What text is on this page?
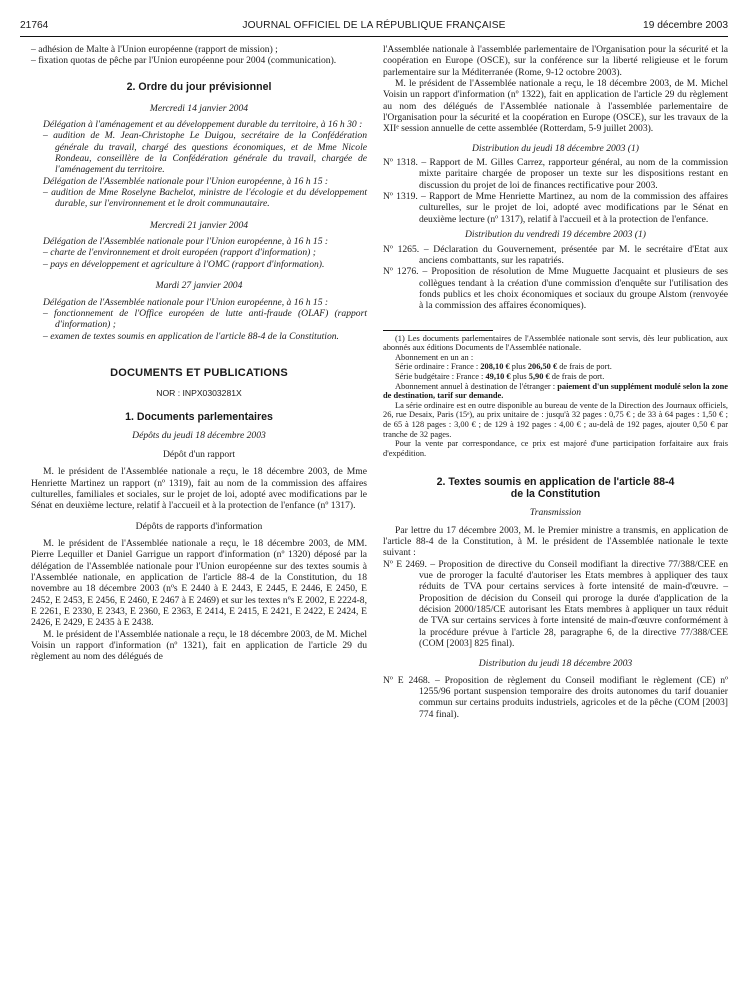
21764	JOURNAL OFFICIEL DE LA RÉPUBLIQUE FRANÇAISE	19 décembre 2003

– adhésion de Malte à l'Union européenne (rapport de mission) ;

– fixation quotas de pêche par l'Union européenne pour 2004 (communication).

2. Ordre du jour prévisionnel

Mercredi 14 janvier 2004

Délégation à l'aménagement et au développement durable du territoire, à 16 h 30 :

– audition de M. Jean-Christophe Le Duigou, secrétaire de la Confédération générale du travail, chargé des questions économiques, et de Mme Nicole Rondeau, conseillère de la Confédération générale du travail, chargée de l'aménagement du territoire.

Délégation de l'Assemblée nationale pour l'Union européenne, à 16 h 15 :

– audition de Mme Roselyne Bachelot, ministre de l'écologie et du développement durable, sur l'environnement et le droit communautaire.

Mercredi 21 janvier 2004

Délégation de l'Assemblée nationale pour l'Union européenne, à 16 h 15 :

– charte de l'environnement et droit européen (rapport d'information) ;

– pays en développement et agriculture à l'OMC (rapport d'information).

Mardi 27 janvier 2004

Délégation de l'Assemblée nationale pour l'Union européenne, à 16 h 15 :

– fonctionnement de l'Office européen de lutte anti-fraude (OLAF) (rapport d'information) ;

– examen de textes soumis en application de l'article 88-4 de la Constitution.

DOCUMENTS ET PUBLICATIONS

NOR : INPX0303281X

1. Documents parlementaires

Dépôts du jeudi 18 décembre 2003

Dépôt d'un rapport

M. le président de l'Assemblée nationale a reçu, le 18 décembre 2003, de Mme Henriette Martinez un rapport (nº 1319), fait au nom de la commission des affaires culturelles, familiales et sociales, sur le projet de loi, adopté avec modifications par le Sénat en deuxième lecture, relatif à l'accueil et à la protection de l'enfance (nº 1317).

Dépôts de rapports d'information

M. le président de l'Assemblée nationale a reçu, le 18 décembre 2003, de MM. Pierre Lequiller et Daniel Garrigue un rapport d'information (nº 1320) déposé par la délégation de l'Assemblée nationale pour l'Union européenne sur des textes soumis à l'Assemblée nationale, en application de l'article 88-4 de la Constitution, du 18 novembre au 18 décembre 2003 (nºs E 2440 à E 2443, E 2445, E 2446, E 2450, E 2452, E 2453, E 2456, E 2460, E 2467 à E 2469) et sur les textes nºs E 2002, E 2224-8, E 2261, E 2330, E 2343, E 2360, E 2363, E 2414, E 2415, E 2421, E 2422, E 2424, E 2426, E 2429, E 2435 à E 2438.

M. le président de l'Assemblée nationale a reçu, le 18 décembre 2003, de M. Michel Voisin un rapport d'information (nº 1321), fait en application de l'article 29 du règlement au nom des délégués de

l'Assemblée nationale à l'assemblée parlementaire de l'Organisation pour la sécurité et la coopération en Europe (OSCE), sur la conférence sur la liberté religieuse et le forum parlementaire sur la Méditerranée (Rome, 9-12 octobre 2003).

M. le président de l'Assemblée nationale a reçu, le 18 décembre 2003, de M. Michel Voisin un rapport d'information (nº 1322), fait en application de l'article 29 du règlement au nom des délégués de l'Assemblée nationale à l'assemblée parlementaire de l'Organisation pour la sécurité et la coopération en Europe (OSCE), sur les travaux de la XIIᵉ session annuelle de cette assemblée (Rotterdam, 5-9 juillet 2003).

Distribution du jeudi 18 décembre 2003 (1)

Nº 1318. – Rapport de M. Gilles Carrez, rapporteur général, au nom de la commission mixte paritaire chargée de proposer un texte sur les dispositions restant en discussion du projet de loi de finances rectificative pour 2003.

Nº 1319. – Rapport de Mme Henriette Martinez, au nom de la commission des affaires culturelles, sur le projet de loi, adopté avec modifications par le Sénat en deuxième lecture (nº 1317), relatif à l'accueil et à la protection de l'enfance.

Distribution du vendredi 19 décembre 2003 (1)

Nº 1265. – Déclaration du Gouvernement, présentée par M. le secrétaire d'Etat aux anciens combattants, sur les rapatriés.

Nº 1276. – Proposition de résolution de Mme Muguette Jacquaint et plusieurs de ses collègues tendant à la création d'une commission d'enquête sur l'utilisation des fonds publics et les choix économiques et sociaux du groupe Alstom (renvoyée à la commission des affaires économiques).

(1) Les documents parlementaires de l'Assemblée nationale sont servis, dès leur publication, aux abonnés aux éditions Documents de l'Assemblée nationale.

Abonnement en un an :

Série ordinaire : France : 208,10 € plus 206,50 € de frais de port.

Série budgétaire : France : 49,10 € plus 5,90 € de frais de port.

Abonnement annuel à destination de l'étranger : paiement d'un supplément modulé selon la zone de destination, tarif sur demande.

La série ordinaire est en outre disponible au bureau de vente de la Direction des Journaux officiels, 26, rue Desaix, Paris (15ᵉ), au prix unitaire de : jusqu'à 32 pages : 0,75 € ; de 33 à 64 pages : 1,50 € ; de 65 à 128 pages : 3,00 € ; de 129 à 192 pages : 4,00 € ; au-delà de 192 pages, ajouter 0,50 € par tranche de 32 pages.

Pour la vente par correspondance, ce prix est majoré d'une participation forfaitaire aux frais d'expédition.

2. Textes soumis en application de l'article 88-4
de la Constitution

Transmission

Par lettre du 17 décembre 2003, M. le Premier ministre a transmis, en application de l'article 88-4 de la Constitution, à M. le président de l'Assemblée nationale le texte suivant :

Nº E 2469. – Proposition de directive du Conseil modifiant la directive 77/388/CEE en vue de proroger la faculté d'autoriser les Etats membres à appliquer des taux réduits de TVA pour certains services à forte intensité de main-d'œuvre. – Proposition de décision du Conseil qui proroge la durée d'application de la décision 2000/185/CE autorisant les Etats membres à appliquer un taux réduit de TVA sur certains services à forte intensité de main-d'œuvre conformément à la procédure prévue à l'article 28, paragraphe 6, de la directive 77/388/CEE (COM [2003] 825 final).

Distribution du jeudi 18 décembre 2003

Nº E 2468. – Proposition de règlement du Conseil modifiant le règlement (CE) nº 1255/96 portant suspension temporaire des droits autonomes du tarif douanier commun sur certains produits industriels, agricoles et de la pêche (COM [2003] 774 final).
